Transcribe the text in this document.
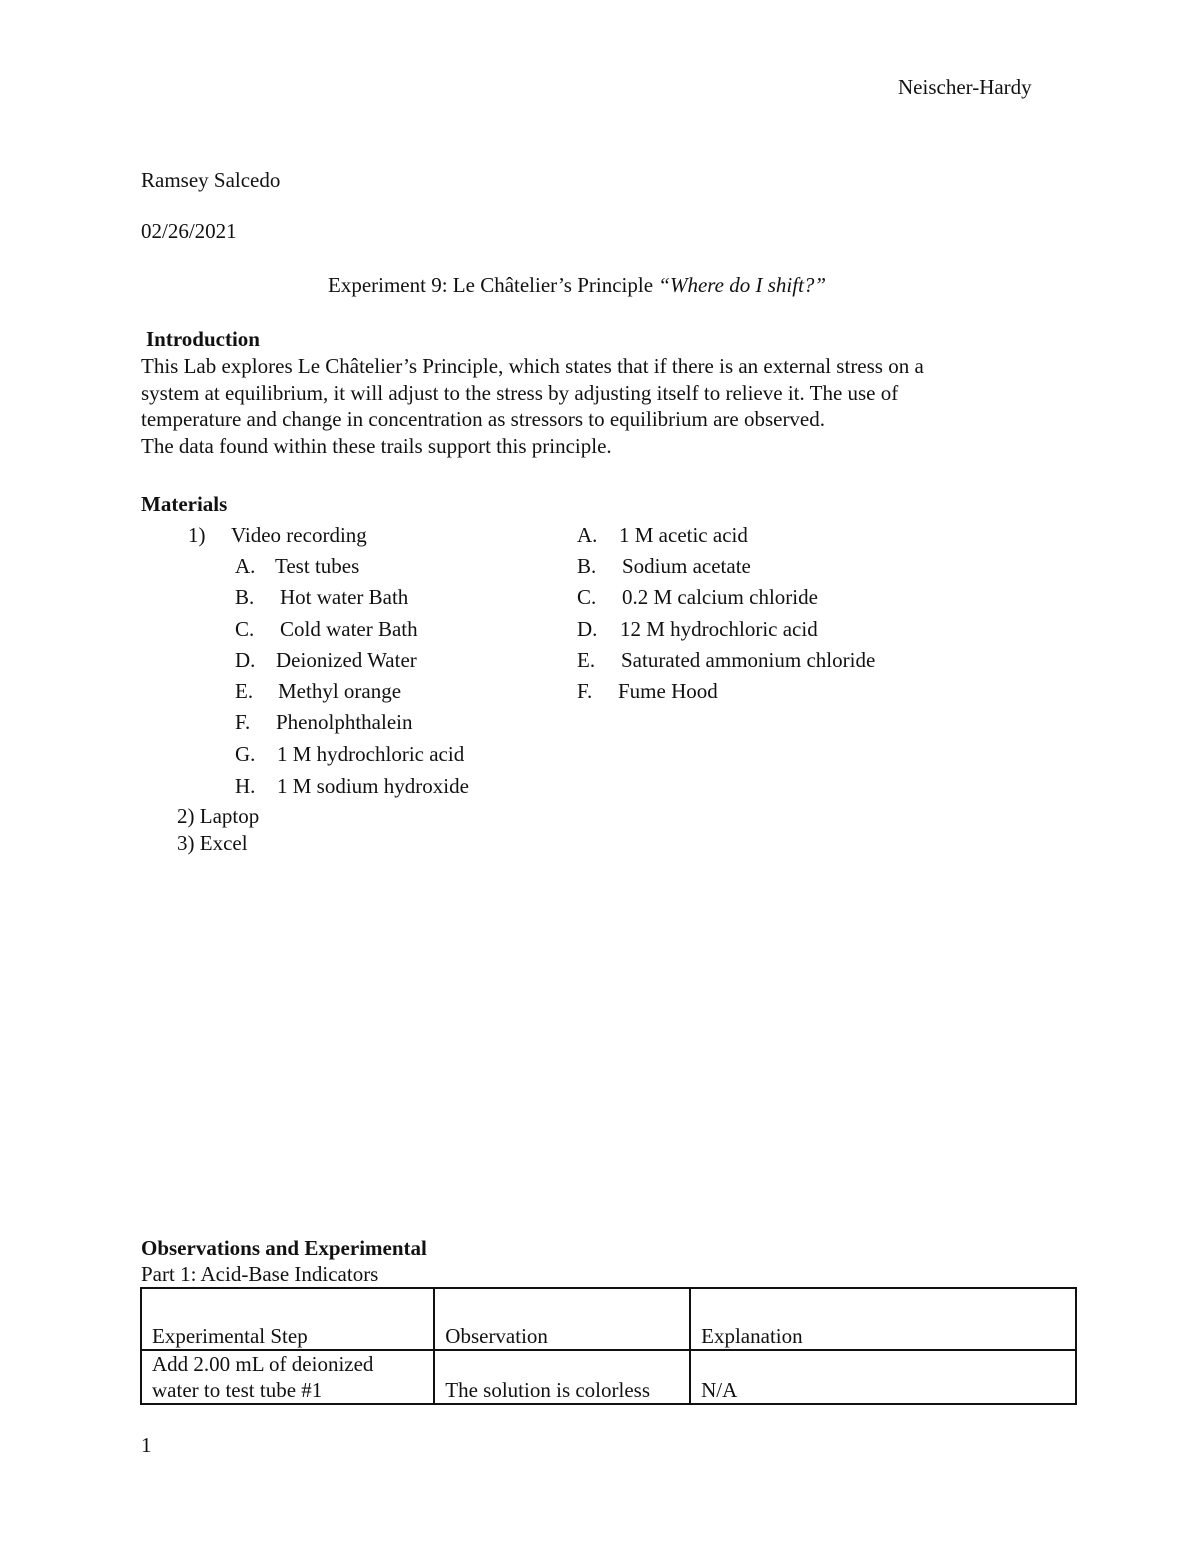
Neischer-Hardy
Ramsey Salcedo
02/26/2021
Experiment 9: Le Châtelier’s Principle “Where do I shift?”
Introduction
This Lab explores Le Châtelier’s Principle, which states that if there is an external stress on a
system at equilibrium, it will adjust to the stress by adjusting itself to relieve it. The use of
temperature and change in concentration as stressors to equilibrium are observed.
The data found within these trails support this principle.
Materials
1) Video recording
A. Test tubes
B. Hot water Bath
C. Cold water Bath
D. Deionized Water
E. Methyl orange
F. Phenolphthalein
G. 1 M hydrochloric acid
H. 1 M sodium hydroxide
A. 1 M acetic acid
B. Sodium acetate
C. 0.2 M calcium chloride
D. 12 M hydrochloric acid
E. Saturated ammonium chloride
F. Fume Hood
2) Laptop
3) Excel
Observations and Experimental
Part 1: Acid-Base Indicators
Experimental Step	Observation	Explanation

Add 2.00 mL of deionized
water to test tube #1	The solution is colorless	N/A
1
